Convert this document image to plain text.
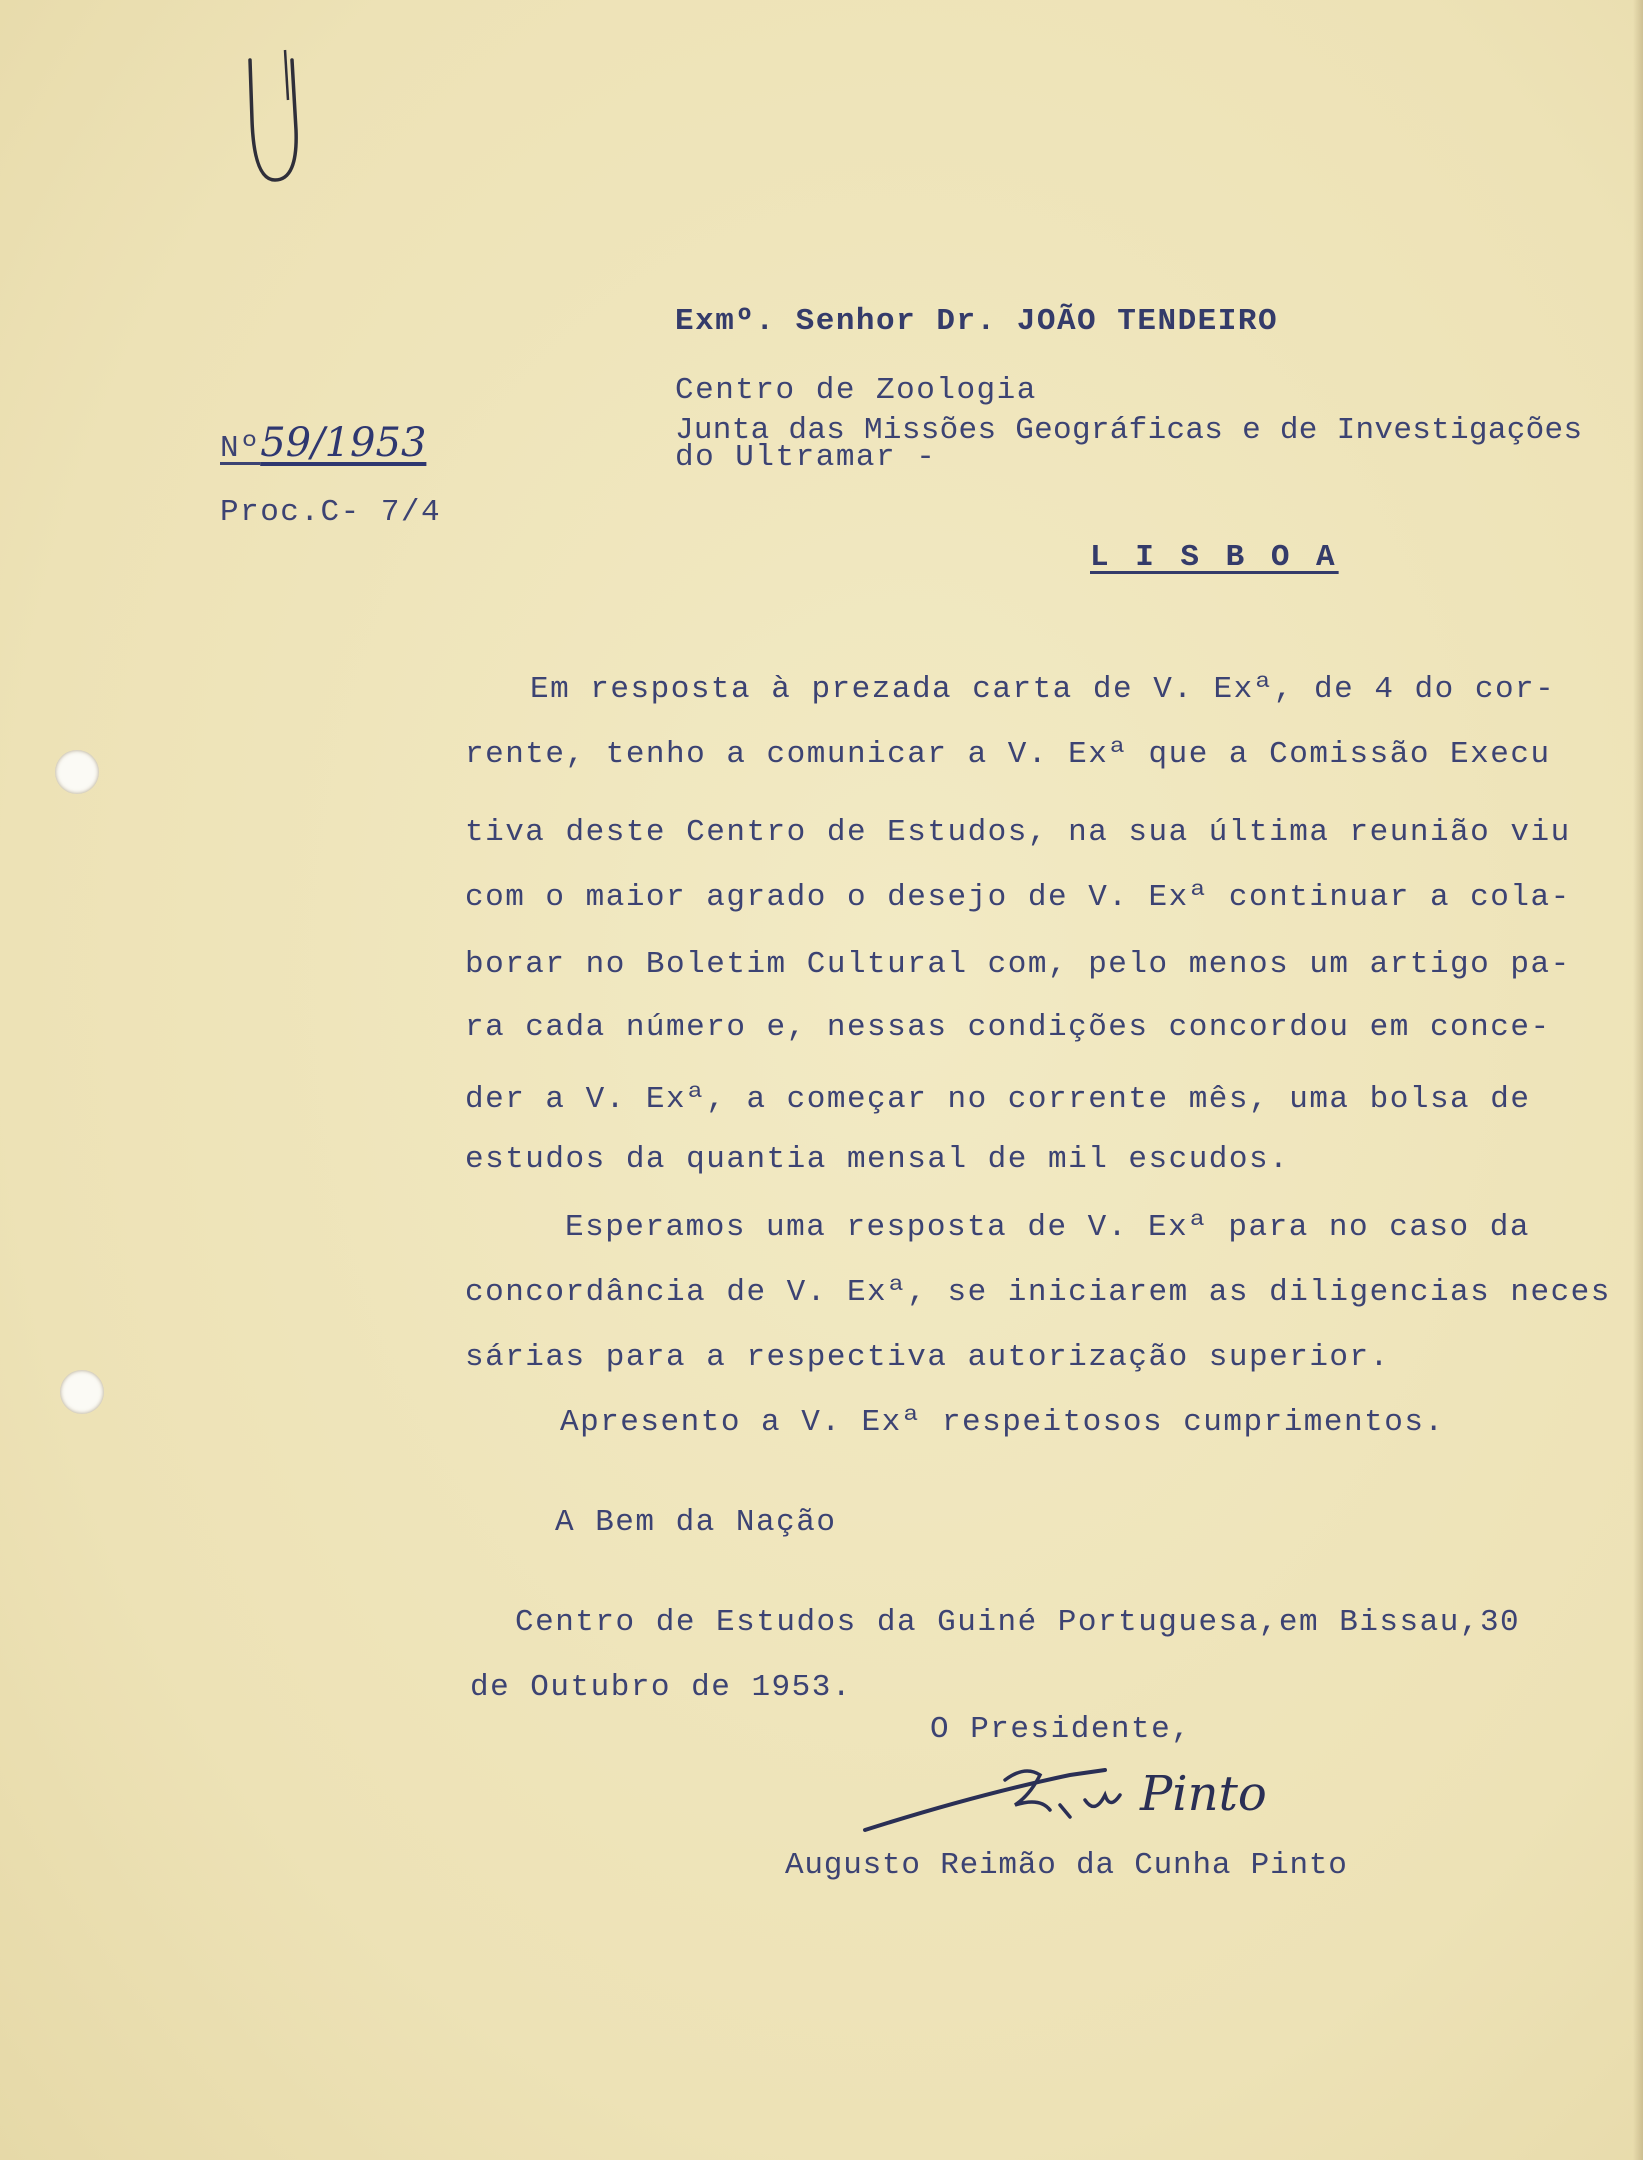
Exmº. Senhor Dr. JOÃO TENDEIRO
Centro de Zoologia
Junta das Missões Geográficas e de Investigações
do Ultramar -
L I S B O A
Nº59/1953
Proc.C- 7/4
Em resposta à prezada carta de V. Exª, de 4 do cor-
rente, tenho a comunicar a V. Exª que a Comissão Execu
tiva deste Centro de Estudos, na sua última reunião viu
com o maior agrado o desejo de V. Exª continuar a cola-
borar no Boletim Cultural com, pelo menos um artigo pa-
ra cada número e, nessas condições concordou em conce-
der a V. Exª, a começar no corrente mês, uma bolsa de
estudos da quantia mensal de mil escudos.
Esperamos uma resposta de V. Exª para no caso da
concordância de V. Exª, se iniciarem as diligencias neces
sárias para a respectiva autorização superior.
Apresento a V. Exª respeitosos cumprimentos.
A Bem da Nação
Centro de Estudos da Guiné Portuguesa,em Bissau,30
de Outubro de 1953.
O Presidente,
Pinto
Augusto Reimão da Cunha Pinto
